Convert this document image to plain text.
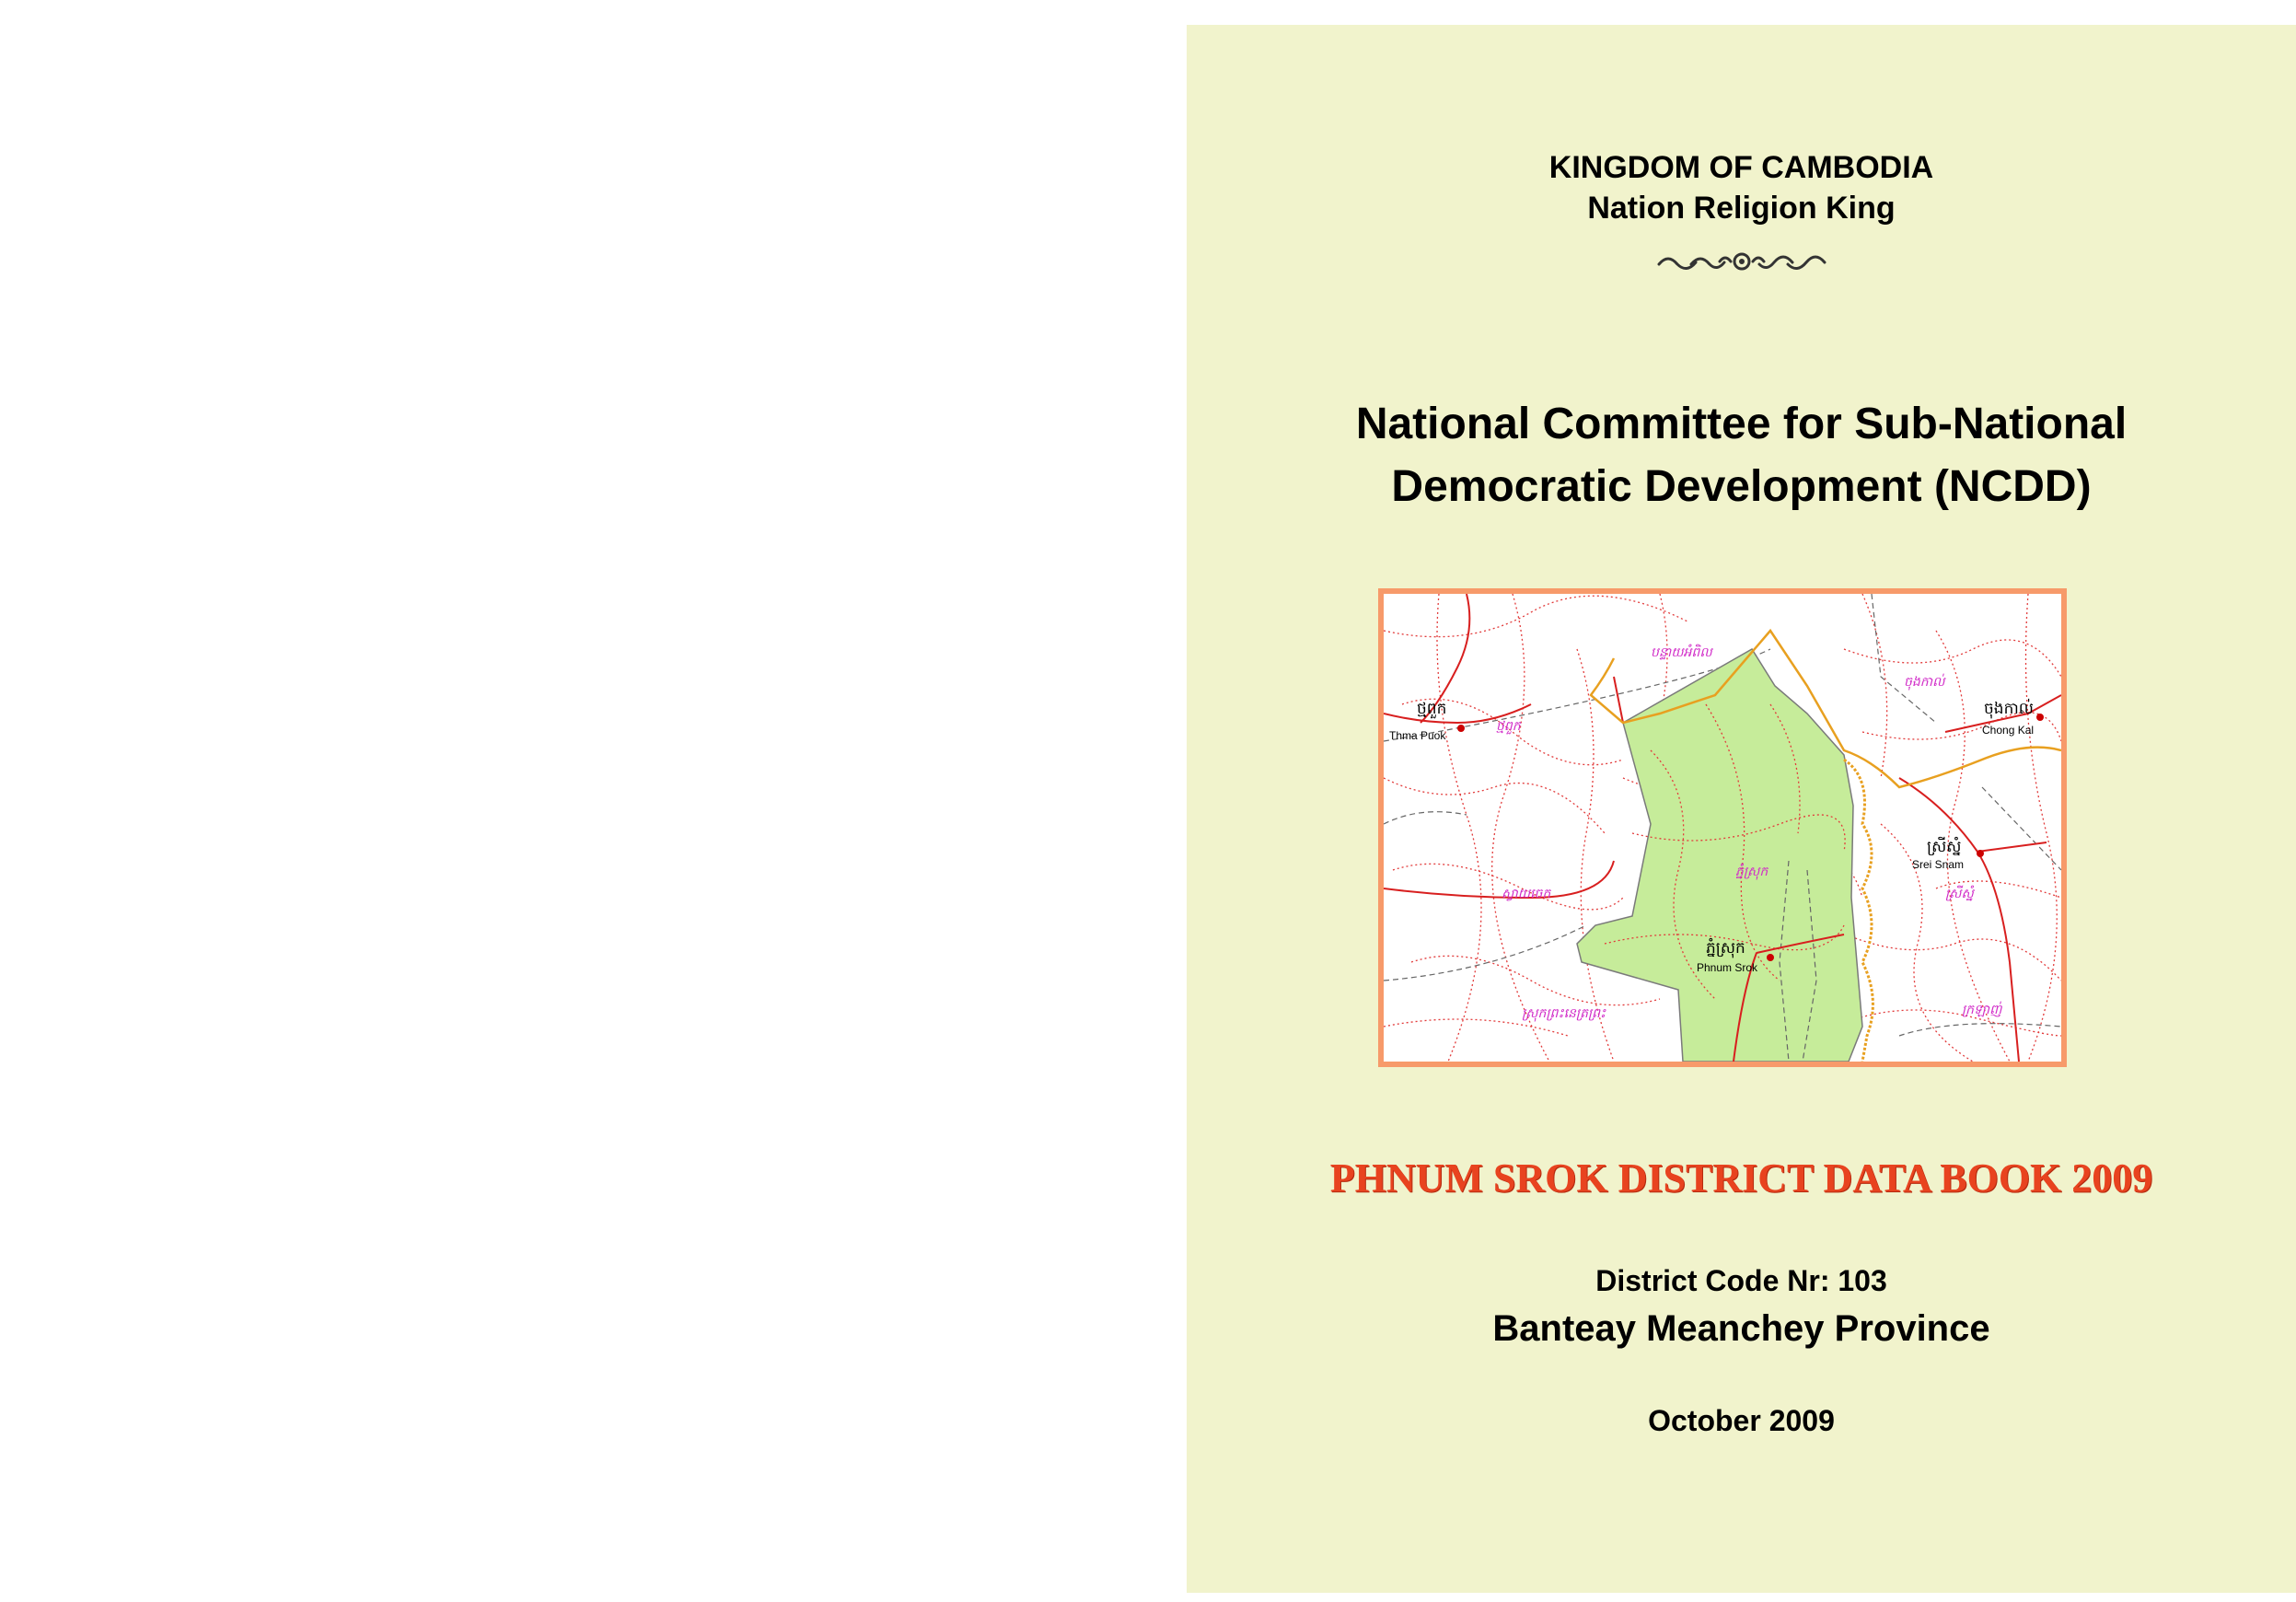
KINGDOM OF CAMBODIA
Nation Religion King
National Committee for Sub-National
Democratic Development (NCDD)
ថ្មពួក
Thma Puok
ចុងកាល់
Chong Kal
ស្រីស្នំ
Srei Snam
ភ្នំស្រុក
Phnum Srok
បន្ទាយអំពិល
ចុងកាល់
ថ្មពួក
ភ្នំស្រុក
ស្វាយចេក	ស្រីស្នំ
ស្រុកព្រះនេត្រព្រះ	ក្រឡាញ់
PHNUM SROK DISTRICT DATA BOOK 2009
District Code Nr: 103
Banteay Meanchey Province
October 2009
